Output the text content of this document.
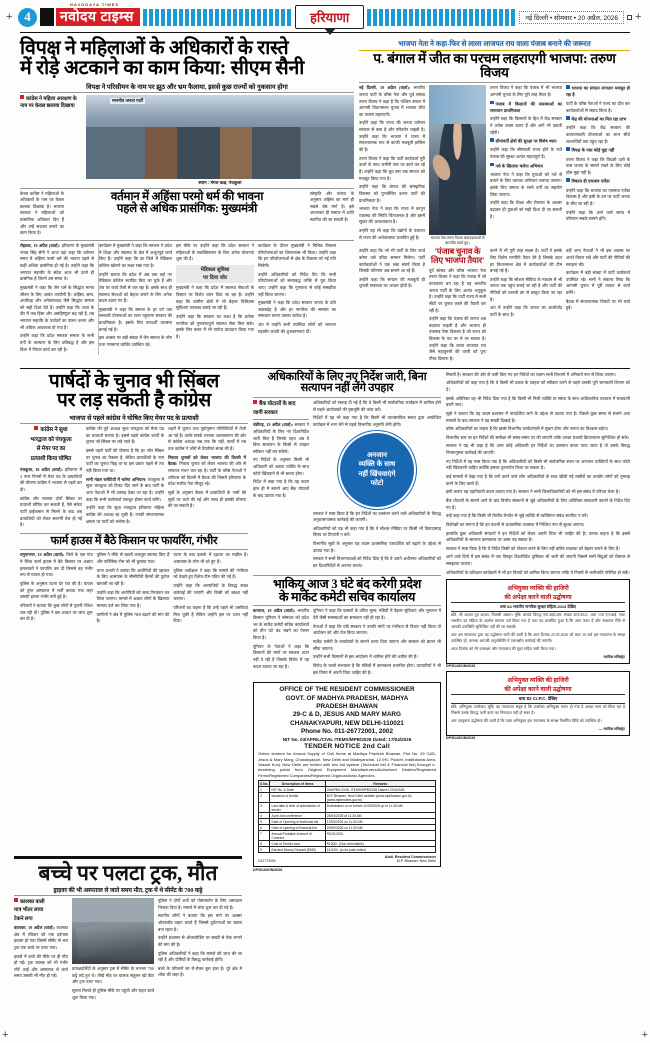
+ 4
NAVODAYA TIMES
नवोदय टाइम्स	हरियाणा	नई दिल्ली • सोमवार • 20 अप्रैल, 2026	+
विपक्ष ने महिलाओं के अधिकारों के रास्ते
में रोड़े अटकाने का काम किया: सीएम सैनी
विपक्ष ने परिसीमन के नाम पर झूठ और भ्रम फैलाया, इससे कुछ राज्यों को नुकसान होगा
कांग्रेस ने महिला आरक्षण के नाम पर केवल छलावा दिखाया
माननीय जनता पार्टी
स्थान : मंगल कक्ष, पंचकूला

केवल कांग्रेस ने महिलाओं के अधिकारों के नाम पर केवल छलावा दिखाया है। भाजपा सरकार ने महिलाओं को वास्तविक अधिकार दिए हैं और उन्हें सशक्त बनाने का काम किया है।

वर्तमान में अहिंसा परमो धर्म की भावना
पहले से अधिक प्रासंगिक: मुख्यमंत्री

संस्कृति और परंपरा के अनुसार अहिंसा का मार्ग ही सबसे श्रेष्ठ मार्ग है। इसे अपनाकर ही समाज में शांति स्थापित की जा सकती है।

रोहतक, 19 अप्रैल (वार्ता): हरियाणा के मुख्यमंत्री नायब सिंह सैनी ने आज यहां कहा कि वर्तमान समय में अहिंसा परमो धर्म की भावना पहले से कहीं अधिक प्रासंगिक हो गई है। उन्होंने कहा कि भगवान महावीर के संदेश आज भी उतने ही प्रासंगिक हैं जितने उस समय थे।

मुख्यमंत्री ने कहा कि जैन धर्म के सिद्धांत मानव जीवन के लिए अत्यंत उपयोगी हैं। अहिंसा, सत्य, अपरिग्रह और अनेकांतवाद जैसे सिद्धांत समाज को सही दिशा देते हैं। उन्होंने कहा कि आज के दौर में जब हिंसा और असहिष्णुता बढ़ रही है, तब भगवान महावीर के उपदेशों का पालन करना और भी अधिक आवश्यक हो गया है।

उन्होंने कहा कि प्रदेश सरकार समाज के सभी वर्गों के कल्याण के लिए प्रतिबद्ध है और इस दिशा में निरंतर कार्य कर रही है।

कार्यक्रम में मुख्यमंत्री ने कहा कि सरकार ने प्रदेश में शिक्षा और स्वास्थ्य के क्षेत्र में अभूतपूर्व कार्य किए हैं। उन्होंने कहा कि हर जिले में मेडिकल कॉलेज खोलने का लक्ष्य रखा गया है।

उन्होंने बताया कि प्रदेश में अब तक कई नए मेडिकल कॉलेज स्थापित किए जा चुके हैं और शेष पर कार्य तेजी से चल रहा है। इसके साथ ही स्वास्थ्य सेवाओं को बेहतर बनाने के लिए अनेक कदम उठाए गए हैं।

मुख्यमंत्री ने कहा कि समाज के हर वर्ग तक सरकारी योजनाओं का लाभ पहुंचाना सरकार की प्राथमिकता है। इसके लिए पारदर्शी व्यवस्था बनाई गई है।

इस अवसर पर बड़ी संख्या में जैन समाज के लोग तथा गणमान्य व्यक्ति उपस्थित रहे।

इस मौके पर उन्होंने कहा कि प्रदेश सरकार ने महिलाओं के सशक्तिकरण के लिए अनेक योजनाएं शुरू की हैं।

मेडिकल सुविधा
पर दिया जोर

मुख्यमंत्री ने कहा कि प्रदेश में स्वास्थ्य सेवाओं के विस्तार पर विशेष ध्यान दिया जा रहा है। उन्होंने कहा कि ग्रामीण क्षेत्रों में भी बेहतर चिकित्सा सुविधाएं उपलब्ध कराई जा रही हैं।

उन्होंने कहा कि सरकार का लक्ष्य है कि प्रत्येक नागरिक को गुणवत्तापूर्ण स्वास्थ्य सेवा मिल सके। इसके लिए बजट में भी पर्याप्त प्रावधान किया गया है।

कार्यक्रम के दौरान मुख्यमंत्री ने विभिन्न विकास परियोजनाओं का शिलान्यास भी किया। उन्होंने कहा कि इन परियोजनाओं से क्षेत्र के विकास को नई गति मिलेगी।

उन्होंने अधिकारियों को निर्देश दिए कि सभी परियोजनाओं को समयबद्ध तरीके से पूरा किया जाए। उन्होंने कहा कि गुणवत्ता से कोई समझौता नहीं किया जाएगा।

मुख्यमंत्री ने कहा कि प्रदेश सरकार जनता के प्रति जवाबदेह है और हर नागरिक की समस्या का समाधान करना उसका कर्तव्य है।

अंत में उन्होंने सभी उपस्थित लोगों को भगवान महावीर जयंती की शुभकामनाएं दीं।

भाजपा नेता ने कहा-फिर से लाला लाजपत राय वाला पंजाब बनाने की जरूरत
प. बंगाल में जीत का परचम लहराएगी भाजपा: तरुण विजय

नई दिल्ली, 19 अप्रैल (वार्ता): भारतीय जनता पार्टी के वरिष्ठ नेता और पूर्व सांसद तरुण विजय ने कहा है कि पश्चिम बंगाल में आगामी विधानसभा चुनाव में भाजपा जीत का परचम लहराएगी।

उन्होंने कहा कि राज्य की जनता वर्तमान सरकार से त्रस्त है और परिवर्तन चाहती है। उन्होंने कहा कि भाजपा ने राज्य में संगठनात्मक रूप से काफी मजबूती हासिल की है।

तरुण विजय ने कहा कि पार्टी कार्यकर्ता पूरी ऊर्जा के साथ जमीनी स्तर पर कार्य कर रहे हैं। उन्होंने कहा कि बूथ स्तर तक संगठन को मजबूत किया गया है।

उन्होंने कहा कि बंगाल की सांस्कृतिक विरासत को पुनर्जीवित करना पार्टी की प्राथमिकता है।

भाजपा नेता ने कहा कि राज्य में कानून व्यवस्था की स्थिति चिंताजनक है और इसमें सुधार की आवश्यकता है।

उन्होंने यह भी कहा कि उद्योगों के पलायन से राज्य की अर्थव्यवस्था प्रभावित हुई है।	भाजपा नेता तरुण विजय संवाददाताओं से बातचीत करते हुए।

तरुण विजय ने कहा कि पंजाब में भी भाजपा आगामी चुनाव के लिए पूरी तरह तैयार है।

पंजाब में किसानों की समस्याओं का समाधान प्राथमिकता

उन्होंने कहा कि किसानों के हित में केंद्र सरकार ने अनेक कदम उठाए हैं और आगे भी उठाती रहेगी।

सीमावर्ती क्षेत्रों की सुरक्षा पर विशेष ध्यान

उन्होंने कहा कि सीमावर्ती राज्य होने के नाते पंजाब की सुरक्षा अत्यंत महत्वपूर्ण है।

नशे के खिलाफ चलेगा अभियान

भाजपा नेता ने कहा कि युवाओं को नशे से बचाने के लिए व्यापक अभियान चलाया जाएगा। इसके लिए समाज के सभी वर्गों का सहयोग लिया जाएगा।

उन्होंने कहा कि शिक्षा और रोजगार के अवसर बढ़ाकर ही युवाओं को सही दिशा दी जा सकती है।

भाजपा का संगठन लगातार मजबूत हो रहा है

पार्टी के वरिष्ठ नेताओं ने राज्य का दौरा कर कार्यकर्ताओं से संवाद किया है।

केंद्र की योजनाओं का मिल रहा लाभ

उन्होंने कहा कि केंद्र सरकार की कल्याणकारी योजनाओं का लाभ सीधे लाभार्थियों तक पहुंच रहा है।

विपक्ष के पास कोई मुद्दा नहीं

तरुण विजय ने कहा कि विपक्षी दलों के पास जनता के सामने रखने के लिए कोई ठोस मुद्दा नहीं है।

विकास ही एकमात्र एजेंडा

उन्होंने कहा कि भाजपा का एकमात्र एजेंडा विकास है और इसी के दम पर पार्टी जनता के बीच जा रही है।

उन्होंने कहा कि आने वाले समय में परिणाम सबके सामने होंगे।

उन्होंने कहा कि जो भी पार्टी के लिए कार्य करेगा उसे उचित सम्मान मिलेगा। पार्टी कार्यकर्ताओं ने एक लंबा संघर्ष किया है जिसके परिणाम अब सामने आ रहे हैं।

उन्होंने कहा कि संगठन की मजबूती ही चुनावी सफलता का आधार होती है।

'पंजाब चुनाव के लिए भाजपा तैयार'

पूर्व सांसद और वरिष्ठ भाजपा नेता तरुण विजय ने कहा कि पंजाब में जो वातावरण बन रहा है वह भारतीय जनता पार्टी के लिए अत्यंत अनुकूल है। उन्होंने कहा कि पार्टी राज्य में सभी सीटों पर चुनाव लड़ने की तैयारी कर रही है।

उन्होंने कहा कि पंजाब की जनता अब बदलाव चाहती है और भाजपा ही एकमात्र ऐसा विकल्प है जो राज्य को विकास के पथ पर ले जा सकता है। उन्होंने कहा कि लाला लाजपत राय जैसे महापुरुषों की धरती को पुनः गौरव दिलाना है।

करने में भी पूरी तरह सक्षम है। पार्टी ने इसके लिए विशेष रणनीति तैयार की है जिसके तहत हर विधानसभा क्षेत्र में कार्यकर्ताओं की टीम बनाई गई है।

उन्होंने कहा कि सोशल मीडिया के माध्यम से भी जनता तक पहुंच बनाई जा रही है और पार्टी की नीतियों को प्रभावी ढंग से प्रस्तुत किया जा रहा है।

अंत में उन्होंने कहा कि जनता का आशीर्वाद पार्टी के साथ है।

वहीं अन्य नेताओं ने भी इस अवसर पर अपने विचार रखे और पार्टी की नीतियों की सराहना की।

कार्यक्रम में बड़ी संख्या में पार्टी कार्यकर्ता उपस्थित रहे। सभी ने संकल्प लिया कि आगामी चुनाव में पूरी ताकत से कार्य करेंगे।

बैठक में संगठनात्मक विषयों पर भी चर्चा हुई।

पार्षदों के चुनाव भी सिंबल
पर लड़ सकती है कांग्रेस
भाजपा से पहले कांग्रेस ने घोषित किए मेयर पद के प्रत्याशी
कांग्रेस ने सुधा
भारद्वाज को पंचकूला
से मेयर पद का
प्रत्याशी किया घोषित

पंचकूला, 19 अप्रैल (वार्ता): हरियाणा में 3 नगर निगमों में मेयर पद के प्रत्याशियों की घोषणा कांग्रेस ने भाजपा से पहले कर दी।

कांग्रेस और भाजपा दोनों सिंबल पर प्रत्याशी घोषित कर सकती हैं, ऐसे संकेत पार्टी हाईकमान से मिलने के बाद अब प्रत्याशियों को लेकर सरगर्मी तेज हो गई है।

कांग्रेस की पूर्व अध्यक्ष सुधा भारद्वाज को मेयर पद का प्रत्याशी बनाया है। इससे पहले कांग्रेस कार्यों के चुनाव जो सिंबल पर लड़े जाते हैं।

इससे पहले पार्टी की घोषणा है कि हर जोन सिंबल पर चुनाव का फैसला है, लेकिन प्रत्याशियों के नाम पार्टी का चुनाव चिह्न था-था इस प्रकार पहले से तय नहीं किया गया था।

सभी मंडल कमेटियों में चलेगा अभियान: पंचकूला में सुधा भारद्वाज को टिकट दिए जाने के बाद पार्टी के अन्य नेताओं में भी उत्साह देखा जा रहा है। उन्होंने कहा कि सभी कार्यकर्ता एकजुट होकर कार्य करेंगे।

उन्होंने कहा कि सुधा भारद्वाज हरियाणा महिला कांग्रेस की अध्यक्ष रह चुकी हैं। उनकी संगठनात्मक क्षमता पर पार्टी को भरोसा है।

शहरों में चुनाव तथा पूर्वानुमान गतिविधियों में तेजी आ गई है। उनके संपर्क भाजपा आलाकमान की ओर से कांग्रेस अध्यक्ष जब तक कि नहीं, कार्यों में तब तक कांग्रेस ने जोरों से तैयारियां संपन्न की हैं।

निकाय चुनावों को लेकर भाजपा की दिल्ली में बैठक: निकाय चुनाव को लेकर भाजपा की ओर से लगातार मंथन चल रहा है। पार्टी के वरिष्ठ नेताओं ने शनिवार को दिल्ली में बैठक की जिसमें हरियाणा के प्रदेश स्तरीय नेता मौजूद रहे।

सूत्रों के अनुसार बैठक में प्रत्याशियों के नामों की सूची पर चर्चा की गई और जल्द ही इसकी घोषणा की जा सकती है।

फार्म हाउस में बैठे किसान पर फायरिंग, गंभीर

यमुनानगर, 19 अप्रैल (वार्ता): जिले के एक गांव में स्थित फार्म हाउस में बैठे किसान पर अज्ञात हमलावरों ने फायरिंग कर दी जिससे वह गंभीर रूप से घायल हो गया।

पुलिस के अनुसार घटना देर रात की है। घायल को तुरंत अस्पताल में भर्ती कराया गया जहां उसकी हालत गंभीर बनी हुई है।

परिजनों ने बताया कि कुछ लोगों से पुरानी रंजिश चल रही थी। पुलिस ने इस आधार पर जांच शुरू कर दी है।

पुलिस ने मौके से खाली कारतूस बरामद किए हैं और फॉरेंसिक टीम को भी बुलाया गया।

थाना प्रभारी ने बताया कि आरोपियों की पहचान के लिए आसपास के सीसीटीवी कैमरों की फुटेज खंगाली जा रही है।

उन्होंने कहा कि आरोपियों को जल्द गिरफ्तार कर लिया जाएगा। मामले में अज्ञात लोगों के खिलाफ मामला दर्ज कर लिया गया है।

ग्रामीणों ने क्षेत्र में पुलिस गश्त बढ़ाने की मांग की है।

घटना के बाद इलाके में दहशत का माहौल है। आसपास के लोग भी डरे हुए हैं।

पुलिस अधीक्षक ने कहा कि मामले की गंभीरता को देखते हुए विशेष टीम गठित की गई है।

उन्होंने कहा कि अपराधियों के विरुद्ध सख्त कार्रवाई की जाएगी और किसी को बख्शा नहीं जाएगा।

परिजनों का कहना है कि उन्हें पहले भी धमकियां मिल चुकी हैं लेकिन उन्होंने इस पर ध्यान नहीं दिया।

अधिकारियों के लिए नए निर्देश जारी, बिना सत्यापन नहीं लेंगे उपहार
बैंक घोटालों के बाद
जागी सरकार

चंडीगढ़, 19 अप्रैल (वार्ता): सरकार ने अधिकारियों के लिए नए दिशानिर्देश जारी किए हैं जिनके तहत अब वे बिना सत्यापन के किसी से उपहार स्वीकार नहीं कर सकेंगे।

नए निर्देशों के अनुसार किसी भी अधिकारी को अज्ञात व्यक्ति के साथ फोटो खिंचवाने से भी बचना होगा।

निर्देश में कहा गया है कि यह कदम हाल ही में सामने आए बैंक घोटालों के बाद उठाया गया है।

अधिकारियों को सलाह दी गई है कि वे किसी भी सार्वजनिक कार्यक्रम में शामिल होने से पहले आयोजकों की पृष्ठभूमि की जांच करें।

निर्देशों में यह भी कहा गया है कि किसी भी व्यावसायिक संस्था द्वारा आयोजित कार्यक्रम में भाग लेने से पहले विभागीय अनुमति लेनी होगी।

अनजान
व्यक्ति के साथ
नहीं खिंचवाएंगे
फोटो

सरकार ने स्पष्ट किया है कि इन निर्देशों का उल्लंघन करने वाले अधिकारियों के विरुद्ध अनुशासनात्मक कार्रवाई की जाएगी।

अधिकारियों को यह भी कहा गया है कि वे सोशल मीडिया पर किसी भी विवादास्पद विषय पर टिप्पणी न करें।

विभागीय सूत्रों के अनुसार यह कदम प्रशासनिक पारदर्शिता को बढ़ाने के उद्देश्य से उठाया गया है।

सरकार ने सभी विभागाध्यक्षों को निर्देश दिया है कि वे अपने अधीनस्थ अधिकारियों को इन दिशानिर्देशों से अवगत कराएं।

भाकियू आज 3 घंटे बंद करेगी प्रदेश
के मार्केट कमेटी सचिव कार्यालय

करनाल, 19 अप्रैल (वार्ता): भारतीय किसान यूनियन ने सोमवार को प्रदेश भर के मार्केट कमेटी सचिव कार्यालयों को तीन घंटे बंद रखने का ऐलान किया है।

यूनियन के नेताओं ने कहा कि किसानों की मांगों पर सरकार ध्यान नहीं दे रही है जिसके विरोध में यह कदम उठाया जा रहा है।

यूनियन ने कहा कि फसलों के उचित मूल्य, मंडियों में बेहतर सुविधाएं और भुगतान में देरी जैसी समस्याओं का समाधान नहीं हो रहा है।

नेताओं ने कहा कि यदि सरकार ने उनकी मांगों पर गंभीरता से विचार नहीं किया तो आंदोलन को और तेज किया जाएगा।

मार्केट कमेटी के कार्यालयों के सामने धरना दिया जाएगा और सरकार को ज्ञापन भी सौंपा जाएगा।

उन्होंने सभी किसानों से इस आंदोलन में शामिल होने की अपील की है।

विरोध के चलते संभावना है कि मंडियों में कामकाज प्रभावित होगा। व्यापारियों ने भी इस विषय में अपनी चिंता जाहिर की है।

OFFICE OF THE RESIDENT COMMISSIONER
GOVT. OF MADHYA PRADESH, MADHYA
PRADESH BHAWAN
29-C & D, JESUS AND MARY MARG
CHANAKYAPURI, NEW DELHI-110021
Phone No. 011-26772001, 2002
NIT No. 03/APRIL/CIVIL ITEMS/MPB/2026 Dated: 17/04/2026
TENDER NOTICE 2nd Call
Online tenders for Annual Supply of Civil Items at Madhya Pradesh Bhawan, Plot No. 29 C&D, Jesus & Mary Marg, Chanakyapuri, New Delhi and Madhyanchal, 12 IHC Pocket, Institutional Area, Vasant Kunj, New Delhi are invited with two bid system (Technical bid & Financial bid) through e-tendering portal from Original Equipment Manufacturers/Authorised Dealers/Registered Firms/Registered Companies/Registered Organizations/ Agencies.
S.No.	Description of items	Remarks
1	NIT No. & Date	03/APRIL/CIVIL ITEMS/MPB/2026 Dated:17/04/2026
2	Issuance of tender	M.P. Bhawan, New Delhi website (www.mpbhawan.gov.in) (www.mptenders.gov.in)
3	Last date & time of submission of tender	Submission on or before 11/05/2026 up to 11:30 AM.
4	A pre-bid conference	28/04/2026 at 11:30 AM
5	Date of Opening of technical bid	12/05/2026 on 11:30 AM
6	Date of opening of financial bid	20/05/2026 on 11:30 AM
7	Annual Probable Amount of Contract	₹5,00,000/-
8	Cost of Tender cost	₹1000/- (Non refundable)
9	Earnest Money Deposit (EMD)	15,000/- (to be paid online)
G11775/26
Addl. Resident Commissioner
M.P. Bhawan, New Delhi
DP/5143/ON/2026

मिलती है। सरकार की ओर से जारी किए गए इन निर्देशों का पालन सभी विभागों में अनिवार्य रूप से किया जाएगा।

अधिकारियों को कहा गया है कि वे किसी भी प्रकार के उपहार को स्वीकार करने से पहले उसकी पूरी जानकारी विभाग को दें।

इसके अतिरिक्त यह भी निर्देश दिया गया है कि किसी भी निजी व्यक्ति या संस्था के साथ आधिकारिक पत्राचार में सावधानी बरती जाए।

सूत्रों ने बताया कि यह कदम प्रशासन में पारदर्शिता लाने के उद्देश्य से उठाया गया है। पिछले कुछ समय से सामने आए मामलों के बाद सरकार ने यह सख्ती दिखाई है।

वरिष्ठ अधिकारियों का कहना है कि इससे विभागीय कार्यप्रणाली में सुधार होगा और जनता का विश्वास बढ़ेगा।

विभागीय स्तर पर इन निर्देशों की समीक्षा भी समय-समय पर की जाएगी ताकि उनका प्रभावी क्रियान्वयन सुनिश्चित हो सके।

सरकार ने यह भी कहा है कि अगर कोई अधिकारी इन निर्देशों का उल्लंघन करता पाया जाता है तो उसके विरुद्ध नियमानुसार कार्रवाई की जाएगी।

नए निर्देशों में यह स्पष्ट किया गया है कि अधिकारियों को किसी भी सार्वजनिक स्थल पर अनजान व्यक्तियों के साथ फोटो नहीं खिंचवानी चाहिए क्योंकि इसका दुरुपयोग किया जा सकता है।

कई मामलों में देखा गया है कि ठगी करने वाले लोग अधिकारियों के साथ खींची गई तस्वीरों का उपयोग लोगों को गुमराह करने के लिए करते हैं।

इसी कारण यह एहतियाती कदम उठाया गया है। सरकार ने सभी जिलाधिकारियों को भी इस संबंध में परिपत्र भेजा है।

बैंक घोटालों के सामने आने के बाद वित्तीय संस्थानों से जुड़े अधिकारियों के लिए अतिरिक्त सावधानी बरतने के निर्देश दिए गए हैं।

उन्हें कहा गया है कि किसी भी वित्तीय लेनदेन से जुड़े व्यक्ति से व्यक्तिगत संबंध स्थापित न करें।

विशेषज्ञों का मानना है कि इन कदमों से प्रशासनिक व्यवस्था में निश्चित रूप से सुधार आएगा।

हालांकि कुछ अधिकारी संगठनों ने इन निर्देशों को लेकर अपनी चिंता भी जाहिर की है। उनका कहना है कि इससे अधिकारियों के सामान्य कामकाज पर असर पड़ सकता है।

सरकार ने स्पष्ट किया है कि ये निर्देश किसी को परेशान करने के लिए नहीं बल्कि व्यवस्था को बेहतर बनाने के लिए हैं।

आने वाले दिनों में इस संबंध में एक विस्तृत दिशानिर्देश पुस्तिका भी जारी की जाएगी जिसमें सभी बिंदुओं को विस्तार से समझाया जाएगा।

अधिकारियों के प्रशिक्षण कार्यक्रमों में भी इन विषयों को शामिल किया जाएगा ताकि वे नियमों से भलीभांति परिचित हो सकें।

अभियुक्त व्यक्ति की हाजिरी
की अपेक्षा करने वाली उद्घोषणा
धारा 84 भारतीय नागरिक सुरक्षा संहिता-2023 देखिए

प्रति, श्री अज्ञात पुत्र अज्ञात, निवासी अज्ञात। चूंकि आपके विरुद्ध एफ.आई.आर. संख्या 405/2021, धारा 138 एन.आई. एक्ट भारतीय दंड संहिता के अंतर्गत मामला दर्ज किया गया है तथा यह प्रमाणित हुआ है कि आप फरार हैं और साधारण रीति से आपकी उपस्थिति सुनिश्चित नहीं की जा सकती।

अतः इस न्यायालय द्वारा यह उद्घोषणा जारी की जाती है कि आप दिनांक 25.05.2026 को प्रातः 10 बजे इस न्यायालय के समक्ष उपस्थित हों, अन्यथा आपकी अनुपस्थिति में एकपक्षीय कार्रवाई की जाएगी।

आज दिनांक को मेरे हस्ताक्षर और न्यायालय की मुहर सहित जारी किया गया।

न्यायिक मजिस्ट्रेट
DP/5143/ON/2026
अभियुक्त व्यक्ति की हाजिरी
की अपेक्षा करने वाली उद्घोषणा
धारा 82 Cr.P.C. देखिए

प्रति, अभियुक्त उपरोक्त। चूंकि यह न्यायालय संतुष्ट है कि उपरोक्त अभियुक्त फरार हो गया है अथवा स्वयं को छिपा रहा है जिससे उसके विरुद्ध जारी वारंट का निष्पादन नहीं हो सका है।

अतः एतद्द्वारा उद्घोषणा की जाती है कि उक्त अभियुक्त इस न्यायालय के समक्ष निर्धारित तिथि को उपस्थित हो।

— न्यायिक मजिस्ट्रेट
DP/5143/ON/2026
बच्चे पर पलटा ट्रक, मौत
ड्राइवर की भी अस्पताल ले जाते समय मौत, ट्रक में थे सीमेंट के 700 कट्टे
कालका वाली
मात्र भीतर लाया
टेकने लगा

कालका, 19 अप्रैल (वार्ता): कालका क्षेत्र में रविवार को एक दर्दनाक हादसा हो गया जिसमें सीमेंट से भरा ट्रक एक बच्चे पर पलट गया।

हादसे में बच्चे की मौके पर ही मौत हो गई। ट्रक चालक को भी गंभीर चोटें आईं और अस्पताल ले जाते समय उसकी भी मौत हो गई।

प्रत्यक्षदर्शियों के अनुसार ट्रक में सीमेंट के लगभग 700 कट्टे लदे हुए थे। तीखे मोड़ पर चालक संतुलन खो बैठा और ट्रक पलट गया।

सूचना मिलते ही पुलिस मौके पर पहुंची और राहत कार्य शुरू किया गया।

पुलिस ने दोनों शवों को पोस्टमार्टम के लिए अस्पताल भिजवा दिया है। मामले में जांच शुरू कर दी गई है।

स्थानीय लोगों ने बताया कि इस मार्ग पर अक्सर ओवरलोड वाहन चलते हैं जिससे दुर्घटनाओं का खतरा बना रहता है।

उन्होंने प्रशासन से ओवरलोडिंग पर सख्ती से रोक लगाने की मांग की है।

पुलिस अधिकारियों ने कहा कि मामले की जांच की जा रही है और दोषियों के विरुद्ध कार्रवाई होगी।

बच्चे के परिजनों का रो-रोकर बुरा हाल है। पूरे क्षेत्र में शोक की लहर है।

+	+
